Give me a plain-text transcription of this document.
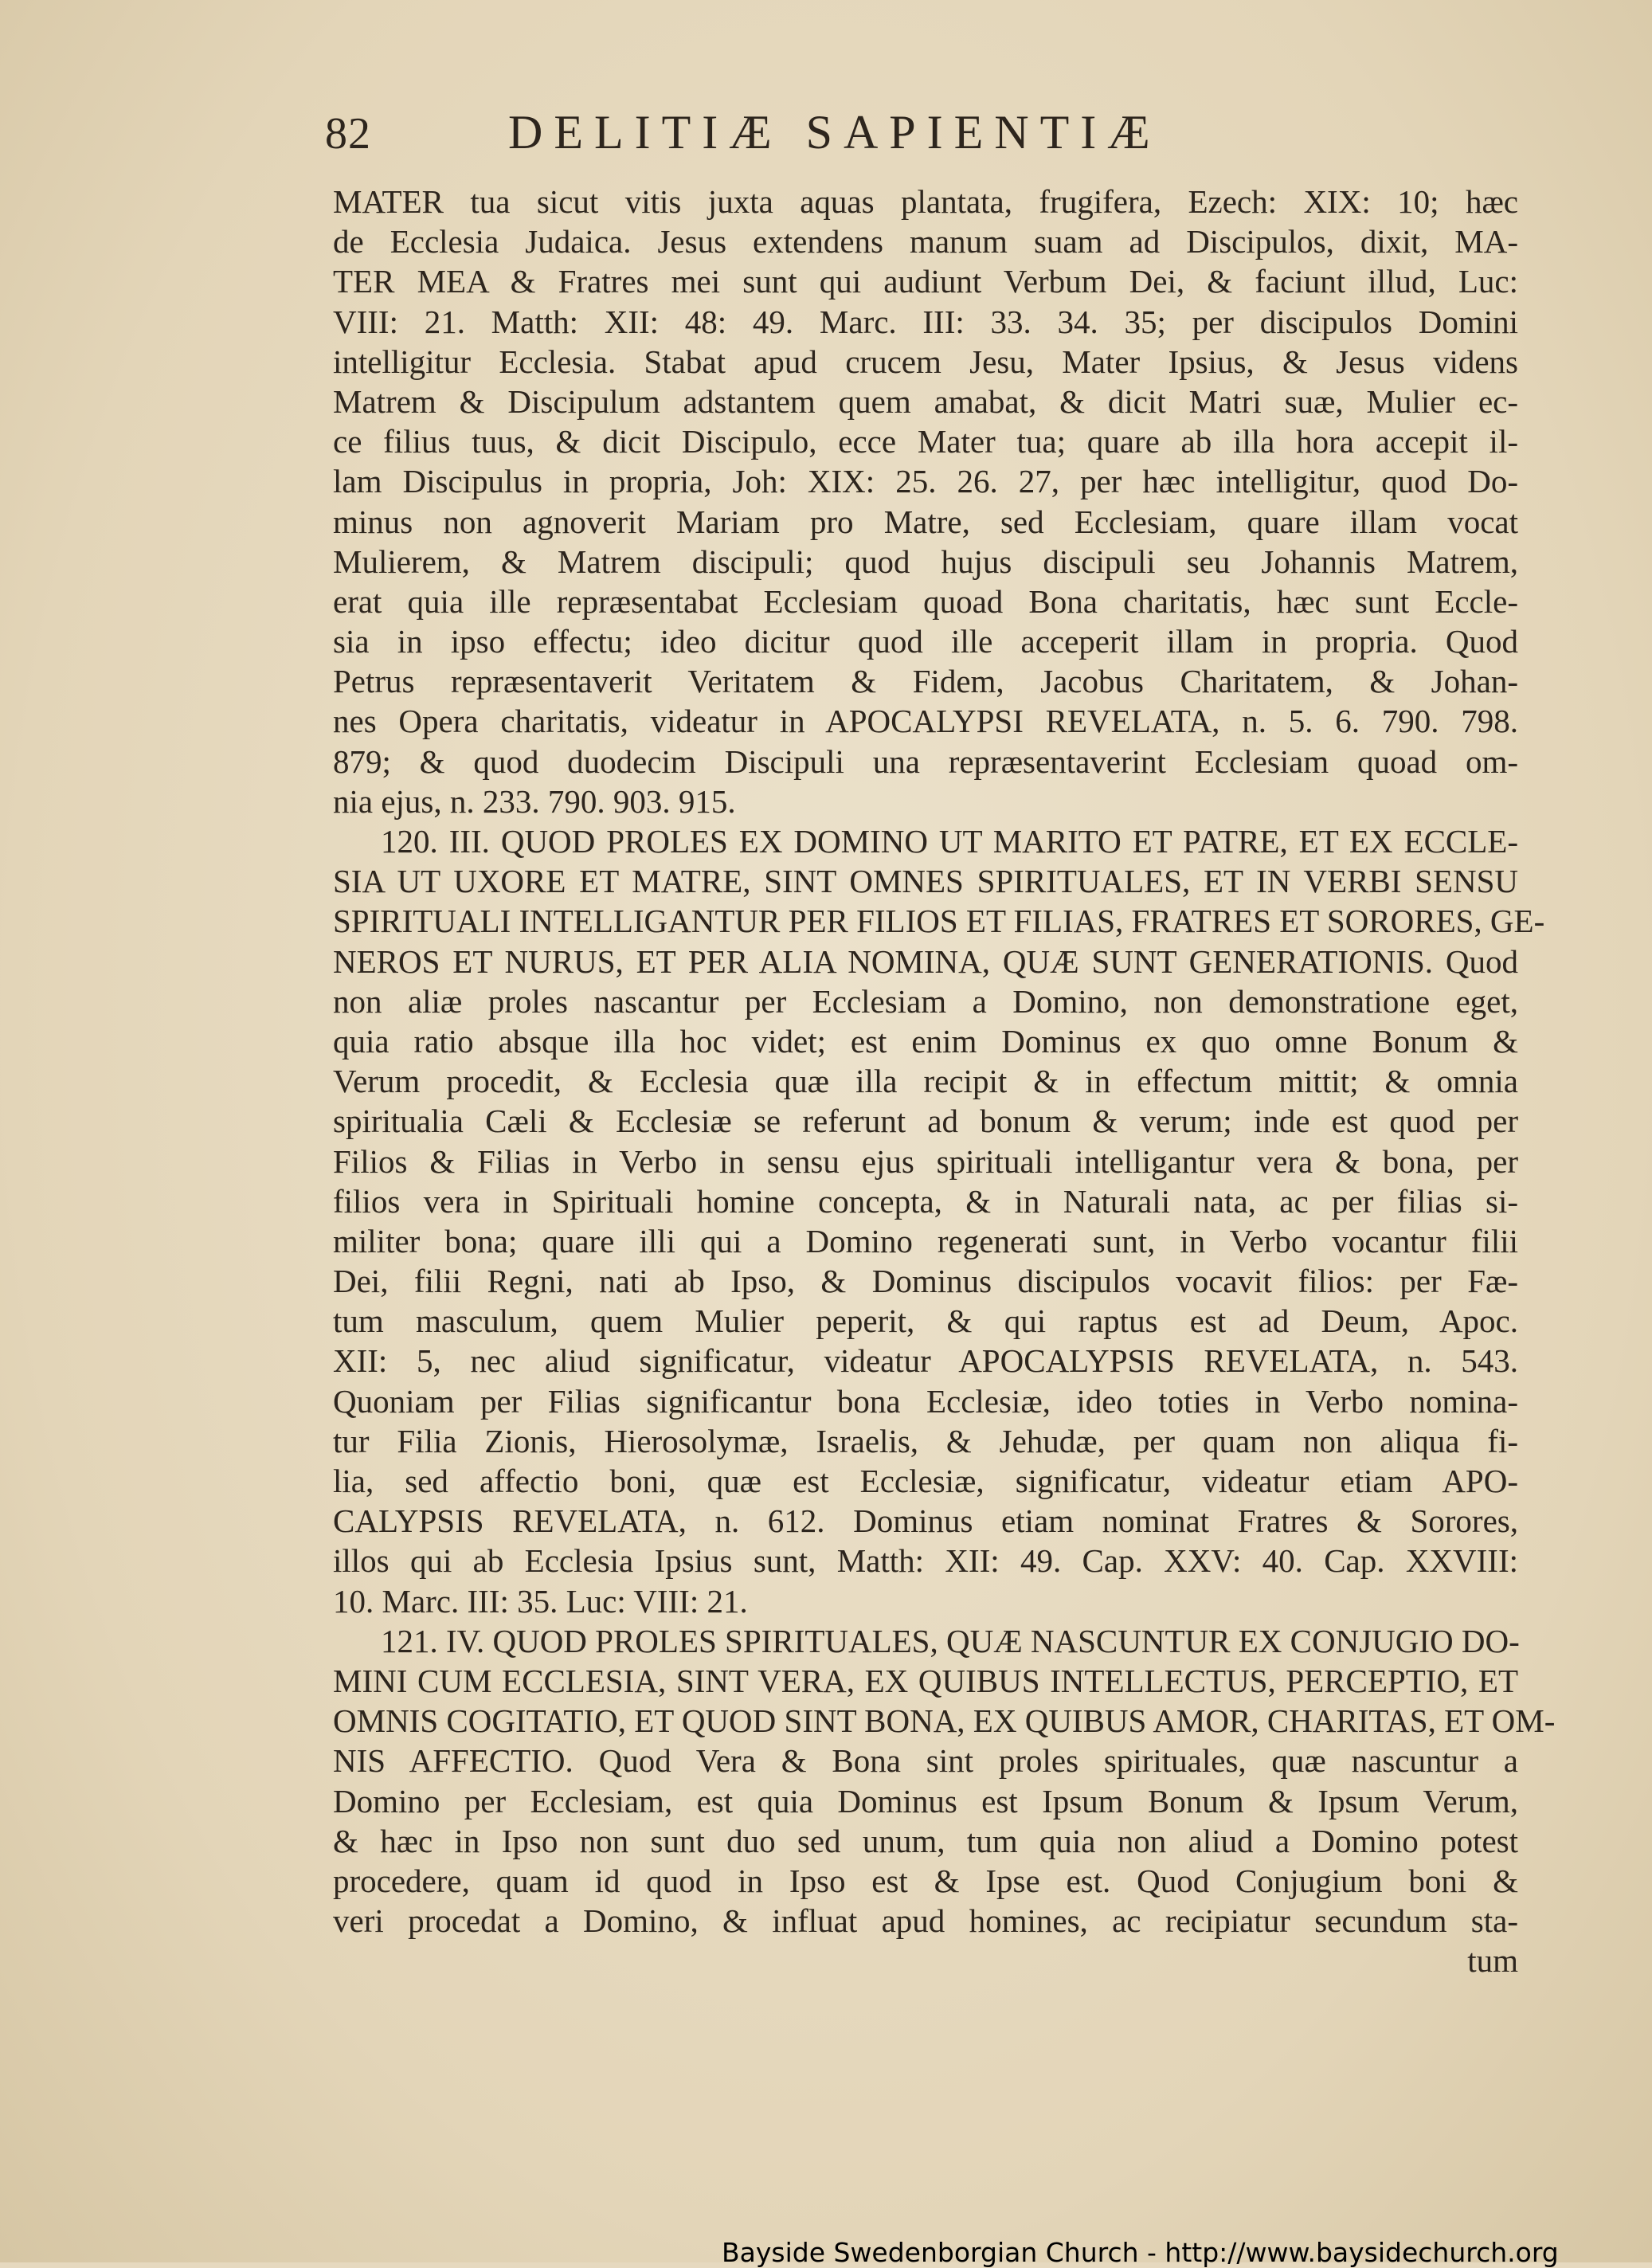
82	DELITIÆ SAPIENTIÆ
MATER tua sicut vitis juxta aquas plantata, frugifera, Ezech: XIX: 10; hæc
de Ecclesia Judaica. Jesus extendens manum suam ad Discipulos, dixit, MA-
TER MEA & Fratres mei sunt qui audiunt Verbum Dei, & faciunt illud, Luc:
VIII: 21. Matth: XII: 48: 49. Marc. III: 33. 34. 35; per discipulos Domini
intelligitur Ecclesia. Stabat apud crucem Jesu, Mater Ipsius, & Jesus videns
Matrem & Discipulum adstantem quem amabat, & dicit Matri suæ, Mulier ec-
ce filius tuus, & dicit Discipulo, ecce Mater tua; quare ab illa hora accepit il-
lam Discipulus in propria, Joh: XIX: 25. 26. 27, per hæc intelligitur, quod Do-
minus non agnoverit Mariam pro Matre, sed Ecclesiam, quare illam vocat
Mulierem, & Matrem discipuli; quod hujus discipuli seu Johannis Matrem,
erat quia ille repræsentabat Ecclesiam quoad Bona charitatis, hæc sunt Eccle-
sia in ipso effectu; ideo dicitur quod ille acceperit illam in propria. Quod
Petrus repræsentaverit Veritatem & Fidem, Jacobus Charitatem, & Johan-
nes Opera charitatis, videatur in APOCALYPSI REVELATA, n. 5. 6. 790. 798.
879; & quod duodecim Discipuli una repræsentaverint Ecclesiam quoad om-
nia ejus, n. 233. 790. 903. 915.
120. III. QUOD PROLES EX DOMINO UT MARITO ET PATRE, ET EX ECCLE-
SIA UT UXORE ET MATRE, SINT OMNES SPIRITUALES, ET IN VERBI SENSU
SPIRITUALI INTELLIGANTUR PER FILIOS ET FILIAS, FRATRES ET SORORES, GE-
NEROS ET NURUS, ET PER ALIA NOMINA, QUÆ SUNT GENERATIONIS. Quod
non aliæ proles nascantur per Ecclesiam a Domino, non demonstratione eget,
quia ratio absque illa hoc videt; est enim Dominus ex quo omne Bonum &
Verum procedit, & Ecclesia quæ illa recipit & in effectum mittit; & omnia
spiritualia Cæli & Ecclesiæ se referunt ad bonum & verum; inde est quod per
Filios & Filias in Verbo in sensu ejus spirituali intelligantur vera & bona, per
filios vera in Spirituali homine concepta, & in Naturali nata, ac per filias si-
militer bona; quare illi qui a Domino regenerati sunt, in Verbo vocantur filii
Dei, filii Regni, nati ab Ipso, & Dominus discipulos vocavit filios: per Fæ-
tum masculum, quem Mulier peperit, & qui raptus est ad Deum, Apoc.
XII: 5, nec aliud significatur, videatur APOCALYPSIS REVELATA, n. 543.
Quoniam per Filias significantur bona Ecclesiæ, ideo toties in Verbo nomina-
tur Filia Zionis, Hierosolymæ, Israelis, & Jehudæ, per quam non aliqua fi-
lia, sed affectio boni, quæ est Ecclesiæ, significatur, videatur etiam APO-
CALYPSIS REVELATA, n. 612. Dominus etiam nominat Fratres & Sorores,
illos qui ab Ecclesia Ipsius sunt, Matth: XII: 49. Cap. XXV: 40. Cap. XXVIII:
10. Marc. III: 35. Luc: VIII: 21.
121. IV. QUOD PROLES SPIRITUALES, QUÆ NASCUNTUR EX CONJUGIO DO-
MINI CUM ECCLESIA, SINT VERA, EX QUIBUS INTELLECTUS, PERCEPTIO, ET
OMNIS COGITATIO, ET QUOD SINT BONA, EX QUIBUS AMOR, CHARITAS, ET OM-
NIS AFFECTIO. Quod Vera & Bona sint proles spirituales, quæ nascuntur a
Domino per Ecclesiam, est quia Dominus est Ipsum Bonum & Ipsum Verum,
& hæc in Ipso non sunt duo sed unum, tum quia non aliud a Domino potest
procedere, quam id quod in Ipso est & Ipse est. Quod Conjugium boni &
veri procedat a Domino, & influat apud homines, ac recipiatur secundum sta-
tum
Bayside Swedenborgian Church - http://www.baysidechurch.org
